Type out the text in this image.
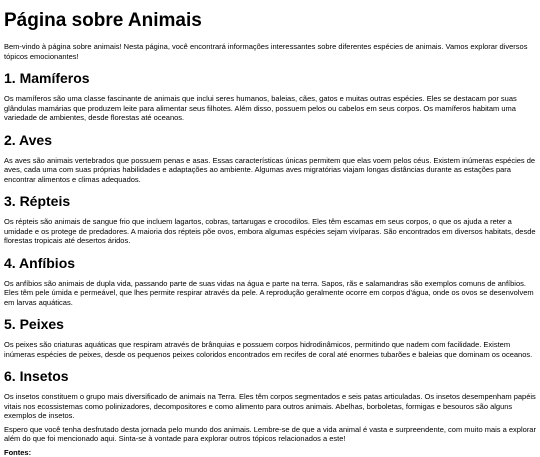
Página sobre Animais

Bem-vindo à página sobre animais! Nesta página, você encontrará informações interessantes sobre diferentes espécies de animais. Vamos explorar diversos tópicos emocionantes!

1. Mamíferos

Os mamíferos são uma classe fascinante de animais que inclui seres humanos, baleias, cães, gatos e muitas outras espécies. Eles se destacam por suas glândulas mamárias que produzem leite para alimentar seus filhotes. Além disso, possuem pelos ou cabelos em seus corpos. Os mamíferos habitam uma variedade de ambientes, desde florestas até oceanos.

2. Aves

As aves são animais vertebrados que possuem penas e asas. Essas características únicas permitem que elas voem pelos céus. Existem inúmeras espécies de aves, cada uma com suas próprias habilidades e adaptações ao ambiente. Algumas aves migratórias viajam longas distâncias durante as estações para encontrar alimentos e climas adequados.

3. Répteis

Os répteis são animais de sangue frio que incluem lagartos, cobras, tartarugas e crocodilos. Eles têm escamas em seus corpos, o que os ajuda a reter a umidade e os protege de predadores. A maioria dos répteis põe ovos, embora algumas espécies sejam vivíparas. São encontrados em diversos habitats, desde florestas tropicais até desertos áridos.

4. Anfíbios

Os anfíbios são animais de dupla vida, passando parte de suas vidas na água e parte na terra. Sapos, rãs e salamandras são exemplos comuns de anfíbios. Eles têm pele úmida e permeável, que lhes permite respirar através da pele. A reprodução geralmente ocorre em corpos d'água, onde os ovos se desenvolvem em larvas aquáticas.

5. Peixes

Os peixes são criaturas aquáticas que respiram através de brânquias e possuem corpos hidrodinâmicos, permitindo que nadem com facilidade. Existem inúmeras espécies de peixes, desde os pequenos peixes coloridos encontrados em recifes de coral até enormes tubarões e baleias que dominam os oceanos.

6. Insetos

Os insetos constituem o grupo mais diversificado de animais na Terra. Eles têm corpos segmentados e seis patas articuladas. Os insetos desempenham papéis vitais nos ecossistemas como polinizadores, decompositores e como alimento para outros animais. Abelhas, borboletas, formigas e besouros são alguns exemplos de insetos.

Espero que você tenha desfrutado desta jornada pelo mundo dos animais. Lembre-se de que a vida animal é vasta e surpreendente, com muito mais a explorar além do que foi mencionado aqui. Sinta-se à vontade para explorar outros tópicos relacionados a este!

Fontes:
